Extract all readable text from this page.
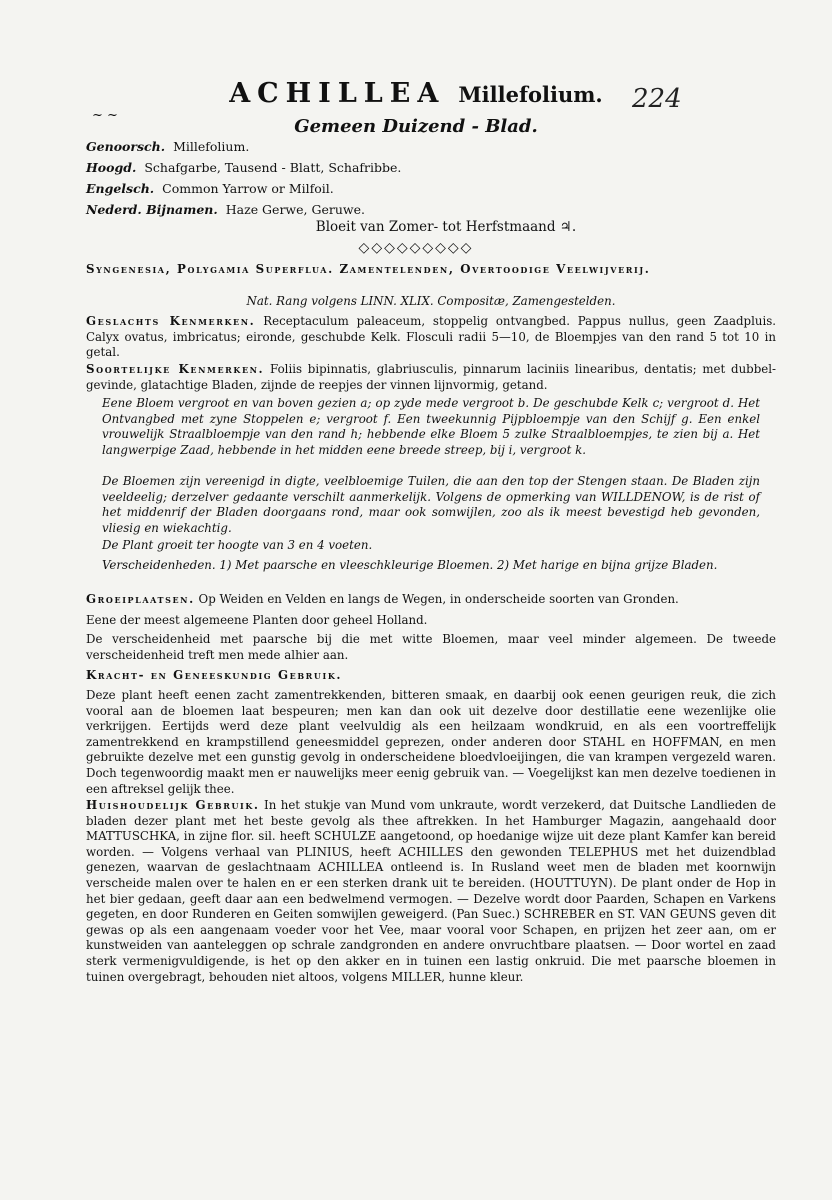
~ ~
ACHILLEA Millefolium.	224
Gemeen Duizend - Blad.
Genoorsch. Millefolium.
Hoogd. Schafgarbe, Tausend - Blatt, Schafribbe.
Engelsch. Common Yarrow or Milfoil.
Nederd. Bijnamen. Haze Gerwe, Geruwe.
Bloeit van Zomer- tot Herfstmaand ♃.
◇◇◇◇◇◇◇◇◇
Syngenesia, Polygamia Superflua. Zamentelenden, Overtoodige Veelwijverij.
Nat. Rang volgens LINN. XLIX. Compositæ, Zamengestelden.
Geslachts Kenmerken. Receptaculum paleaceum, stoppelig ontvangbed. Pappus nullus, geen Zaadpluis. Calyx ovatus, imbricatus; eironde, geschubde Kelk. Flosculi radii 5—10, de Bloempjes van den rand 5 tot 10 in getal.
Soortelijke Kenmerken. Foliis bipinnatis, glabriusculis, pinnarum laciniis linearibus, dentatis; met dubbel-gevinde, glatachtige Bladen, zijnde de reepjes der vinnen lijnvormig, getand.
Eene Bloem vergroot en van boven gezien a; op zyde mede vergroot b. De geschubde Kelk c; vergroot d. Het Ontvangbed met zyne Stoppelen e; vergroot f. Een tweekunnig Pijpbloempje van den Schijf g. Een enkel vrouwelijk Straalbloempje van den rand h; hebbende elke Bloem 5 zulke Straalbloempjes, te zien bij a. Het langwerpige Zaad, hebbende in het midden eene breede streep, bij i, vergroot k.
De Bloemen zijn vereenigd in digte, veelbloemige Tuilen, die aan den top der Stengen staan. De Bladen zijn veeldeelig; derzelver gedaante verschilt aanmerkelijk. Volgens de opmerking van WILLDENOW, is de rist of het middenrif der Bladen doorgaans rond, maar ook somwijlen, zoo als ik meest bevestigd heb gevonden, vliesig en wiekachtig.
De Plant groeit ter hoogte van 3 en 4 voeten.
Verscheidenheden. 1) Met paarsche en vleeschkleurige Bloemen. 2) Met harige en bijna grijze Bladen.
Groeiplaatsen. Op Weiden en Velden en langs de Wegen, in onderscheide soorten van Gronden.
Eene der meest algemeene Planten door geheel Holland.
De verscheidenheid met paarsche bij die met witte Bloemen, maar veel minder algemeen. De tweede verscheidenheid treft men mede alhier aan.
Kracht- en Geneeskundig Gebruik.
Deze plant heeft eenen zacht zamentrekkenden, bitteren smaak, en daarbij ook eenen geurigen reuk, die zich vooral aan de bloemen laat bespeuren; men kan dan ook uit dezelve door destillatie eene wezenlijke olie verkrijgen. Eertijds werd deze plant veelvuldig als een heilzaam wondkruid, en als een voortreffelijk zamentrekkend en krampstillend geneesmiddel geprezen, onder anderen door STAHL en HOFFMAN, en men gebruikte dezelve met een gunstig gevolg in onderscheidene bloedvloeijingen, die van krampen vergezeld waren. Doch tegenwoordig maakt men er nauwelijks meer eenig gebruik van. — Voegelijkst kan men dezelve toedienen in een aftreksel gelijk thee.
Huishoudelijk Gebruik. In het stukje van Mund vom unkraute, wordt verzekerd, dat Duitsche Landlieden de bladen dezer plant met het beste gevolg als thee aftrekken. In het Hamburger Magazin, aangehaald door MATTUSCHKA, in zijne flor. sil. heeft SCHULZE aangetoond, op hoedanige wijze uit deze plant Kamfer kan bereid worden. — Volgens verhaal van PLINIUS, heeft ACHILLES den gewonden TELEPHUS met het duizendblad genezen, waarvan de geslachtnaam ACHILLEA ontleend is. In Rusland weet men de bladen met koornwijn verscheide malen over te halen en er een sterken drank uit te bereiden. (HOUTTUYN). De plant onder de Hop in het bier gedaan, geeft daar aan een bedwelmend vermogen. — Dezelve wordt door Paarden, Schapen en Varkens gegeten, en door Runderen en Geiten somwijlen geweigerd. (Pan Suec.) SCHREBER en ST. VAN GEUNS geven dit gewas op als een aangenaam voeder voor het Vee, maar vooral voor Schapen, en prijzen het zeer aan, om er kunstweiden van aanteleggen op schrale zandgronden en andere onvruchtbare plaatsen. — Door wortel en zaad sterk vermenigvuldigende, is het op den akker en in tuinen een lastig onkruid. Die met paarsche bloemen in tuinen overgebragt, behouden niet altoos, volgens MILLER, hunne kleur.
